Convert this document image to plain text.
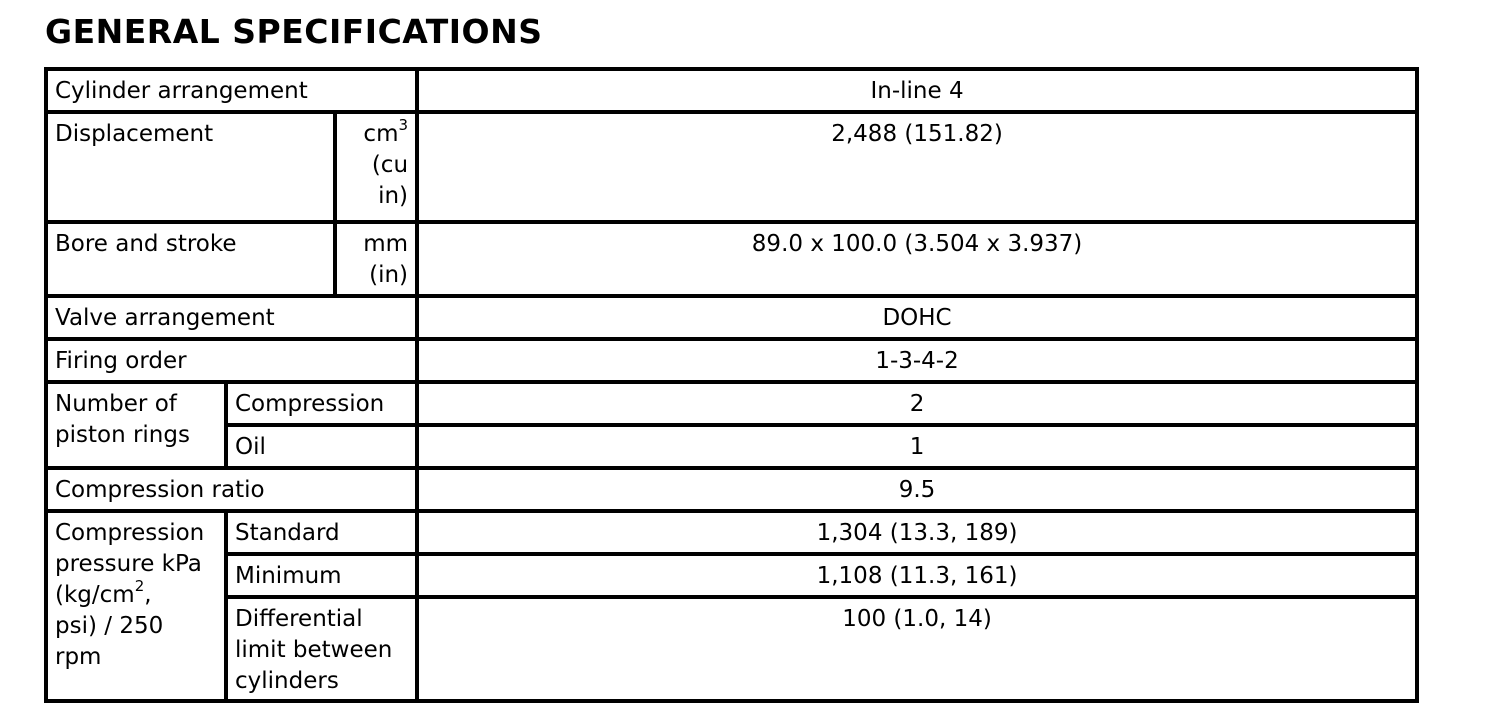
GENERAL SPECIFICATIONS
Cylinder arrangement			In-line 4
Displacement		$cm^3$
(cu
in)	2,488 (151.82)
Bore and stroke		mm
(in)	89.0 x 100.0 (3.504 x 3.937)
Valve arrangement			DOHC
Firing order			1-3-4-2

Number of
piston rings	Compression		2
	Oil		1
Compression ratio			9.5

Compression
pressure kPa
($kg/cm^2$,
psi) / 250
rpm	Standard		1,304 (13.3, 189)
	Minimum		1,108 (11.3, 161)

	Differential
limit between
cylinders		100 (1.0, 14)
